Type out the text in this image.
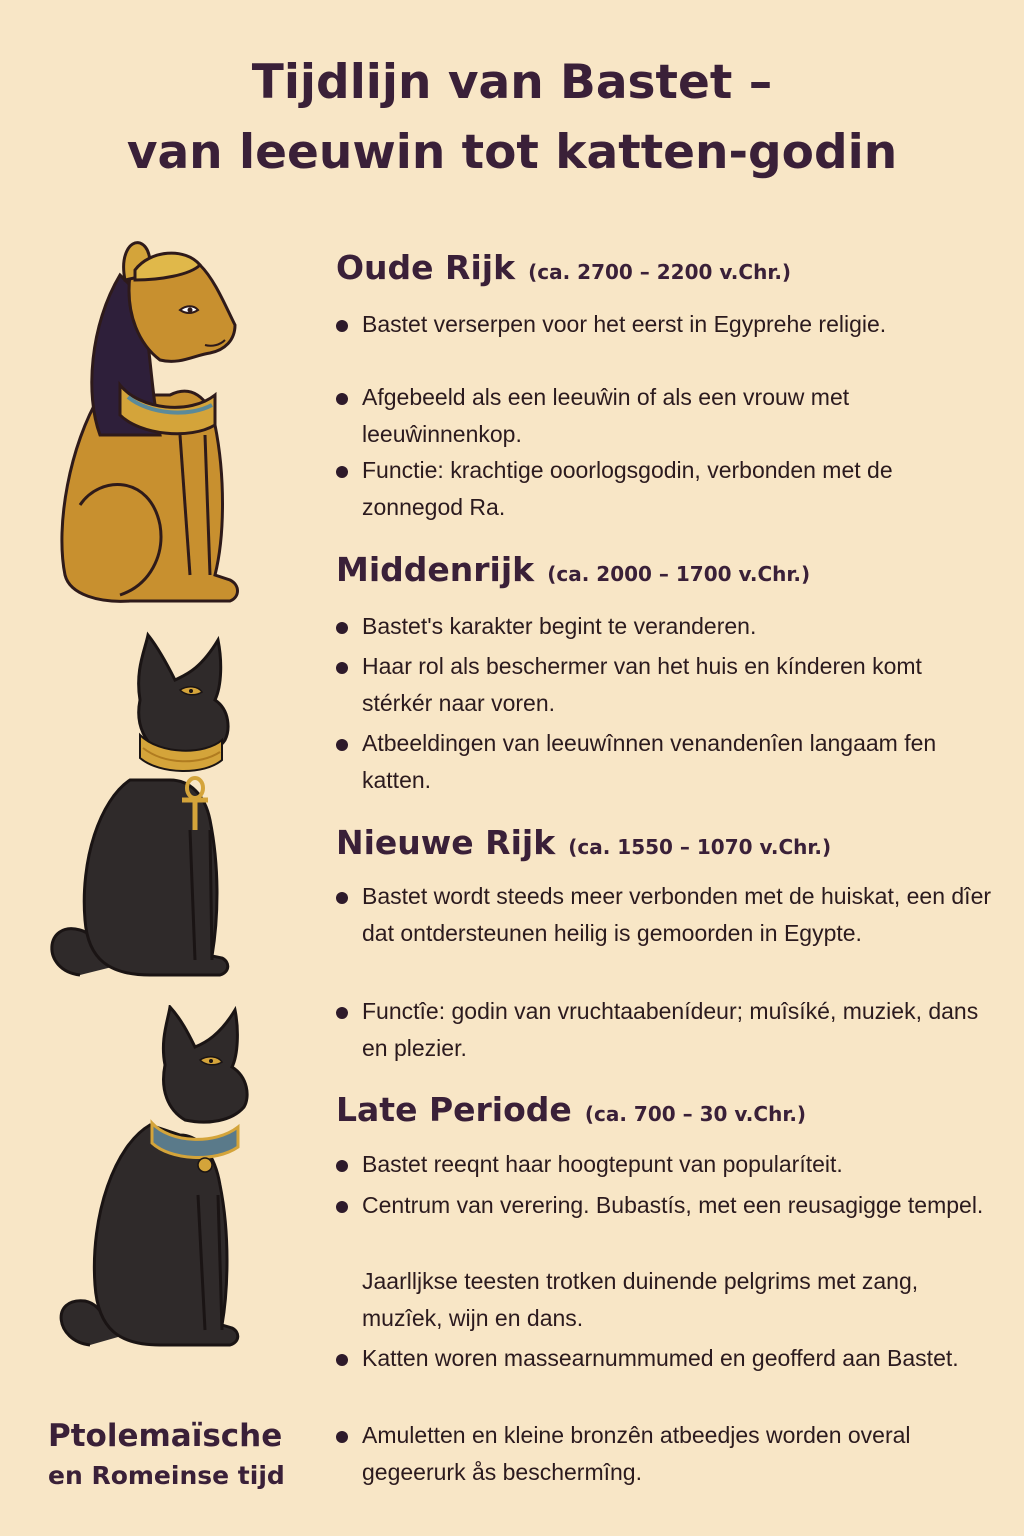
Tijdlijn van Bastet –
van leeuwin tot katten-godin
Oude Rijk (ca. 2700 – 2200 v.Chr.)
Bastet verserpen voor het eerst in Egyprehe religie.
Afgebeeld als een leeuŵin of als een vrouw met leeuŵinnenkop.
Functie: krachtige ooorlogsgodin, verbonden met de zonnegod Ra.
Middenrijk (ca. 2000 – 1700 v.Chr.)
Bastet's karakter begint te veranderen.
Haar rol als beschermer van het huis en kínderen komt stérkér naar voren.
Atbeeldingen van leeuwînnen venandenîen langaam fen katten.
Nieuwe Rijk (ca. 1550 – 1070 v.Chr.)
Bastet wordt steeds meer verbonden met de huiskat, een dîer dat ontdersteunen heilig is gemoorden in Egypte.
Functîe: godin van vruchtaabenídeur; muîsíké, muziek, dans en plezier.
Late Periode (ca. 700 – 30 v.Chr.)
Bastet reeqnt haar hoogtepunt van popularíteit.
Centrum van verering. Bubastís, met een reusagigge tempel.
Jaarlljkse teesten trotken duinende pelgrims met zang, muzîek, wijn en dans.
Katten woren massearnummumed en geofferd aan Bastet.
Amuletten en kleine bronzên atbeedjes worden overal gegeerurk ås beschermîng.
Ptolemaïsche
en Romeinse tijd
